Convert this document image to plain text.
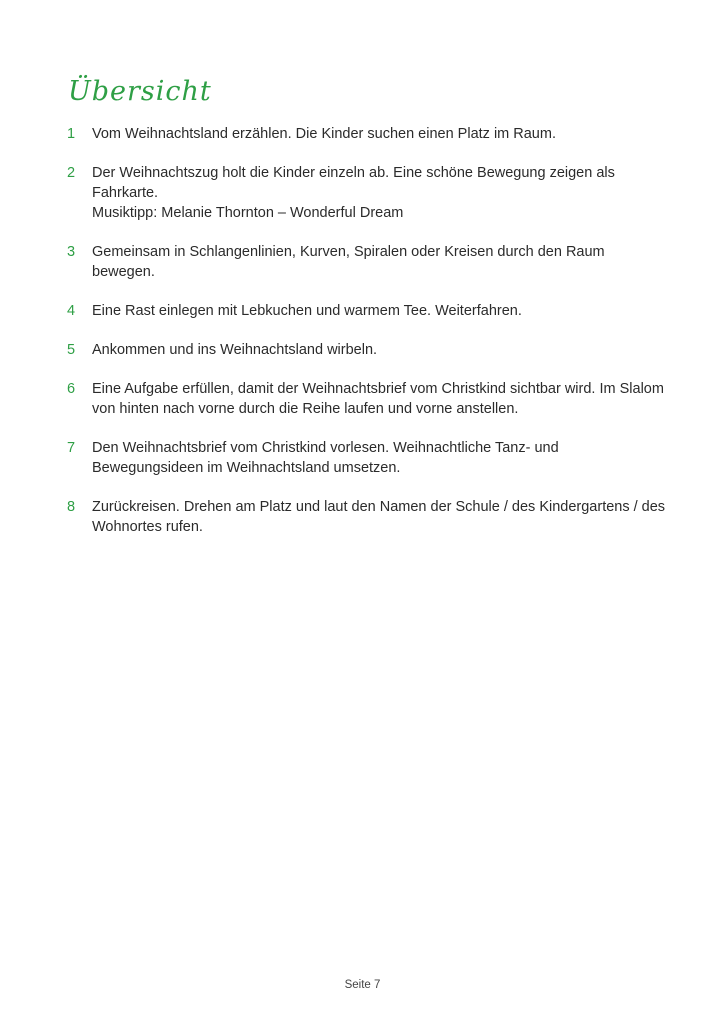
Übersicht
1	Vom Weihnachtsland erzählen. Die Kinder suchen einen Platz im Raum.
2	Der Weihnachtszug holt die Kinder einzeln ab. Eine schöne Bewegung zeigen als Fahrkarte.
Musiktipp: Melanie Thornton – Wonderful Dream
3	Gemeinsam in Schlangenlinien, Kurven, Spiralen oder Kreisen durch den Raum bewegen.
4	Eine Rast einlegen mit Lebkuchen und warmem Tee. Weiterfahren.
5	Ankommen und ins Weihnachtsland wirbeln.
6	Eine Aufgabe erfüllen, damit der Weihnachtsbrief vom Christkind sichtbar wird. Im Slalom von hinten nach vorne durch die Reihe laufen und vorne anstellen.
7	Den Weihnachtsbrief vom Christkind vorlesen. Weihnachtliche Tanz- und Bewegungsideen im Weihnachtsland umsetzen.
8	Zurückreisen. Drehen am Platz und laut den Namen der Schule / des Kindergartens / des Wohnortes rufen.
Seite 7
